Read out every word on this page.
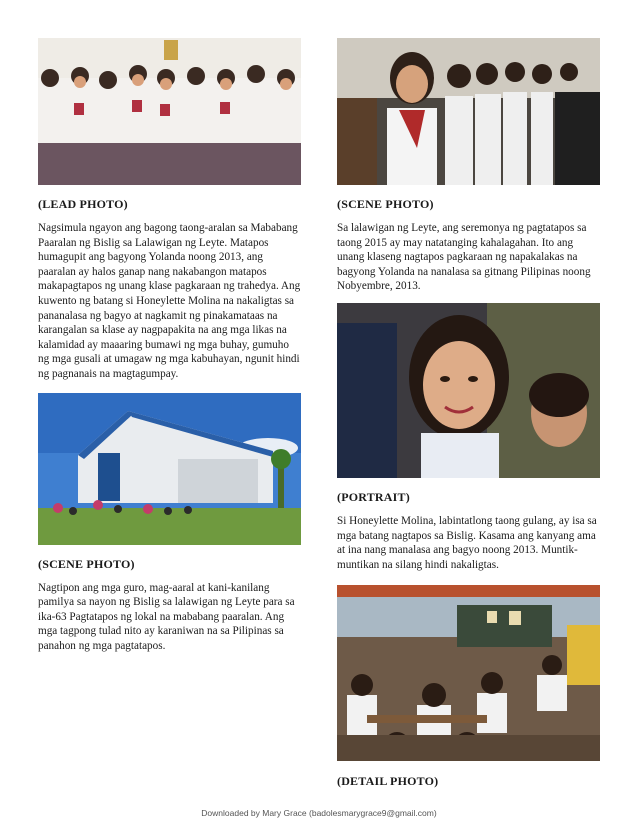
(LEAD PHOTO)

Nagsimula ngayon ang bagong taong-aralan sa Mababang Paaralan ng Bislig sa Lalawigan ng Leyte. Matapos humagupit ang bagyong Yolanda noong 2013, ang paaralan ay halos ganap nang nakabangon matapos makapagtapos ng unang klase pagkaraan ng trahedya. Ang kuwento ng batang si Honeylette Molina na nakaligtas sa pananalasa ng bagyo at nagkamit ng pinakamataas na karangalan sa klase ay nagpapakita na ang mga likas na kalamidad ay maaaring bumawi ng mga buhay, gumuho ng mga gusali at umagaw ng mga kabuhayan, ngunit hindi ng pagnanais na magtagumpay.

(SCENE PHOTO)

Nagtipon ang mga guro, mag-aaral at kani-kanilang pamilya sa nayon ng Bislig sa lalawigan ng Leyte para sa ika-63 Pagtatapos ng lokal na mababang paaralan. Ang mga tagpong tulad nito ay karaniwan na sa Pilipinas sa panahon ng mga pagtatapos.

(SCENE PHOTO)

Sa lalawigan ng Leyte, ang seremonya ng pagtatapos sa taong 2015 ay may natatanging kahalagahan. Ito ang unang klaseng nagtapos pagkaraan ng napakalakas na bagyong Yolanda na nanalasa sa gitnang Pilipinas noong Nobyembre, 2013.

(PORTRAIT)

Si Honeylette Molina, labintatlong taong gulang, ay isa sa mga batang nagtapos sa Bislig. Kasama ang kanyang ama at ina nang manalasa ang bagyo noong 2013. Muntik-muntikan na silang hindi nakaligtas.

(DETAIL PHOTO)
Downloaded by Mary Grace (badolesmarygrace9@gmail.com)
